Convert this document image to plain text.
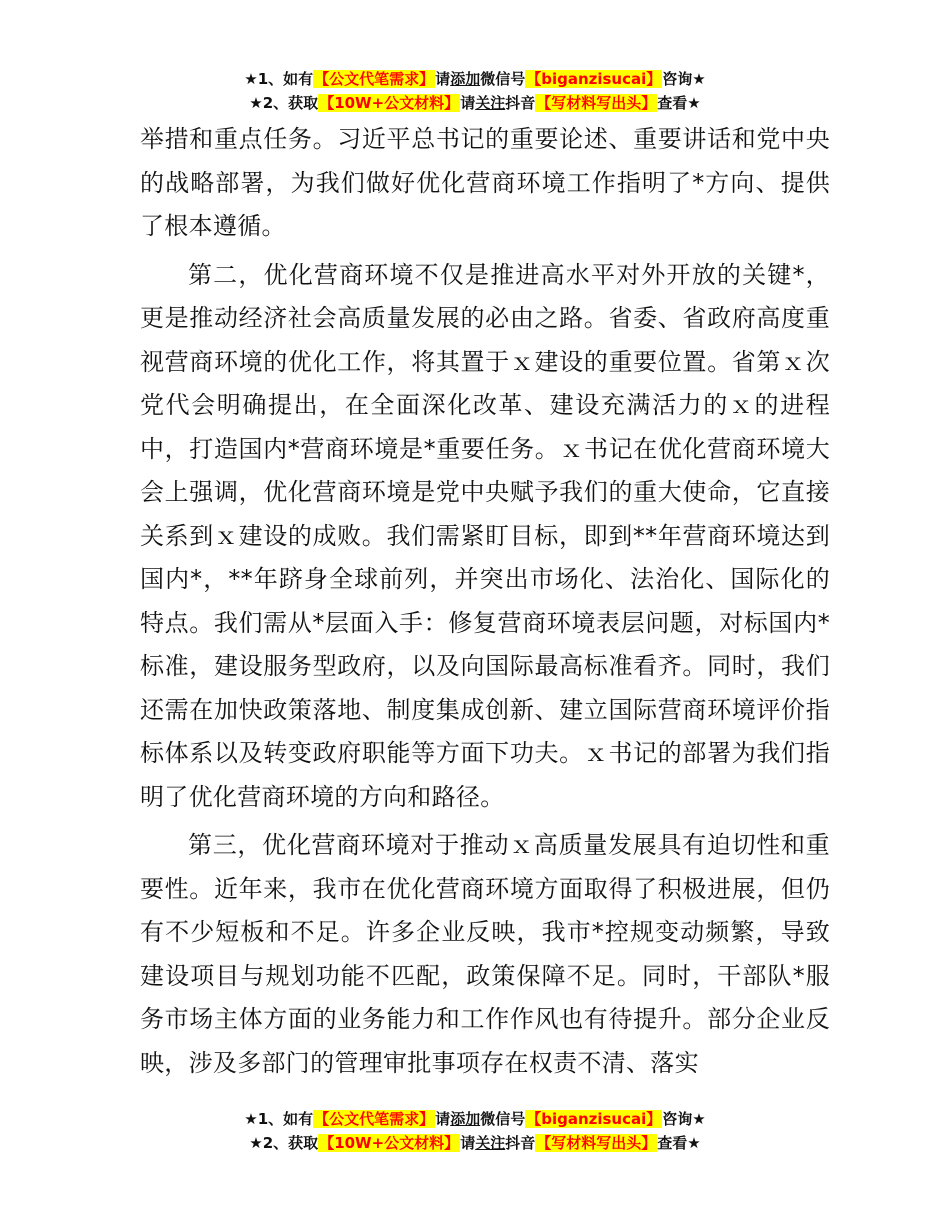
★1、如有【公文代笔需求】请添加微信号【biganzisucai】咨询★
★2、获取【10W+公文材料】请关注抖音【写材料写出头】查看★

举措和重点任务。习近平总书记的重要论述、重要讲话和党中央的战略部署，为我们做好优化营商环境工作指明了*方向、提供了根本遵循。

第二，优化营商环境不仅是推进高水平对外开放的关键*，更是推动经济社会高质量发展的必由之路。省委、省政府高度重视营商环境的优化工作，将其置于ｘ建设的重要位置。省第ｘ次党代会明确提出，在全面深化改革、建设充满活力的ｘ的进程中，打造国内*营商环境是*重要任务。ｘ书记在优化营商环境大会上强调，优化营商环境是党中央赋予我们的重大使命，它直接关系到ｘ建设的成败。我们需紧盯目标，即到**年营商环境达到国内*，**年跻身全球前列，并突出市场化、法治化、国际化的特点。我们需从*层面入手：修复营商环境表层问题，对标国内*标准，建设服务型政府，以及向国际最高标准看齐。同时，我们还需在加快政策落地、制度集成创新、建立国际营商环境评价指标体系以及转变政府职能等方面下功夫。ｘ书记的部署为我们指明了优化营商环境的方向和路径。

第三，优化营商环境对于推动ｘ高质量发展具有迫切性和重要性。近年来，我市在优化营商环境方面取得了积极进展，但仍有不少短板和不足。许多企业反映，我市*控规变动频繁，导致建设项目与规划功能不匹配，政策保障不足。同时，干部队*服务市场主体方面的业务能力和工作作风也有待提升。部分企业反映，涉及多部门的管理审批事项存在权责不清、落实

★1、如有【公文代笔需求】请添加微信号【biganzisucai】咨询★
★2、获取【10W+公文材料】请关注抖音【写材料写出头】查看★
